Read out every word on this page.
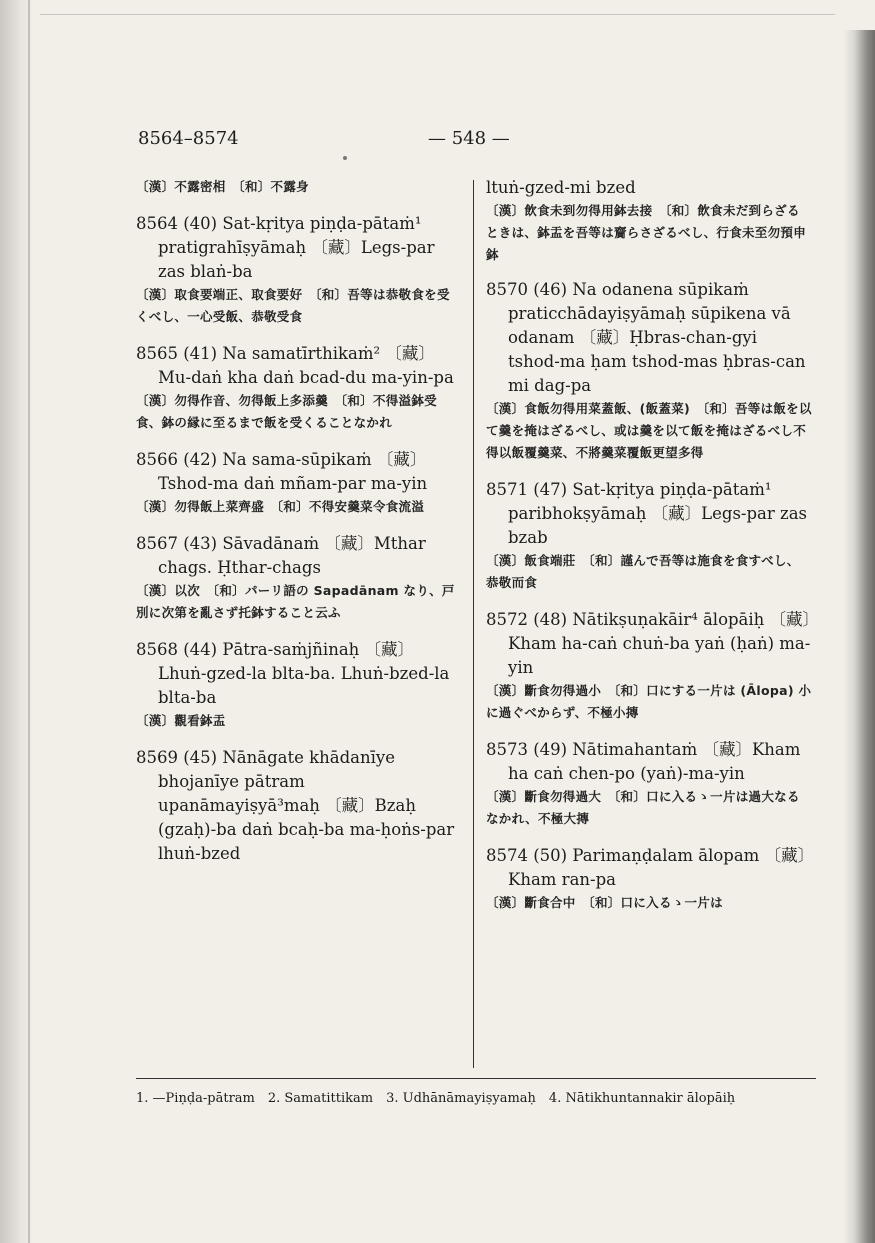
8564–8574	— 548 —
〔漢〕不露密相　〔和〕不露身
8564 (40) Sat-kṛitya piṇḍa-pātaṁ¹ pratigrahīṣyāmaḥ 〔藏〕Legs-par zas blaṅ-ba
〔漢〕取食要端正、取食要好　〔和〕吾等は恭敬食を受くべし、一心受飯、恭敬受食
8565 (41) Na samatīrthikaṁ² 〔藏〕Mu-daṅ kha daṅ bcad-du ma-yin-pa
〔漢〕勿得作音、勿得飯上多添羹　〔和〕不得溢鉢受食、鉢の縁に至るまで飯を受くることなかれ
8566 (42) Na sama-sūpikaṁ 〔藏〕Tshod-ma daṅ mñam-par ma-yin
〔漢〕勿得飯上菜齊盛　〔和〕不得安羹菜令食流溢
8567 (43) Sāvadānaṁ 〔藏〕Mthar chags. Ḥthar-chags
〔漢〕以次　〔和〕パーリ語の Sapadānam なり、戸別に次第を亂さず托鉢すること云ふ
8568 (44) Pātra-saṁjñinaḥ 〔藏〕Lhuṅ-gzed-la blta-ba. Lhuṅ-bzed-la blta-ba
〔漢〕觀看鉢盂
8569 (45) Nānāgate khādanīye bhojanīye pātram upanāmayiṣyā³maḥ 〔藏〕Bzaḥ (gzaḥ)-ba daṅ bcaḥ-ba ma-ḥoṅs-par lhuṅ-bzed
ltuṅ-gzed-mi bzed
〔漢〕飲食未到勿得用鉢去接　〔和〕飲食未だ到らざるときは、鉢盂を吾等は齎らさざるべし、行食未至勿預申鉢
8570 (46) Na odanena sūpikaṁ praticchādayiṣyāmaḥ sūpikena vā odanam 〔藏〕Ḥbras-chan-gyi tshod-ma ḥam tshod-mas ḥbras-can mi dag-pa
〔漢〕食飯勿得用菜蓋飯、(飯蓋菜)　〔和〕吾等は飯を以て羹を掩はざるべし、或は羹を以て飯を掩はざるべし不得以飯覆羹菜、不將羹菜覆飯更望多得
8571 (47) Sat-kṛitya piṇḍa-pātaṁ¹ paribhokṣyāmaḥ 〔藏〕Legs-par zas bzab
〔漢〕飯食端莊　〔和〕謹んで吾等は施食を食すべし、恭敬而食
8572 (48) Nātikṣuṇakāir⁴ ālopāiḥ 〔藏〕Kham ha-caṅ chuṅ-ba yaṅ (ḥaṅ) ma-yin
〔漢〕斷食勿得過小　〔和〕口にする一片は (Ālopa) 小に過ぐべからず、不極小摶
8573 (49) Nātimahantaṁ 〔藏〕Kham ha caṅ chen-po (yaṅ)-ma-yin
〔漢〕斷食勿得過大　〔和〕口に入るゝ一片は過大なるなかれ、不極大摶
8574 (50) Parimaṇḍalam ālopam 〔藏〕Kham ran-pa
〔漢〕斷食合中　〔和〕口に入るゝ一片は
1. —Piṇḍa-pātram　2. Samatittikam　3. Udhānāmayiṣyamaḥ　4. Nātikhuntannakir ālopāiḥ
